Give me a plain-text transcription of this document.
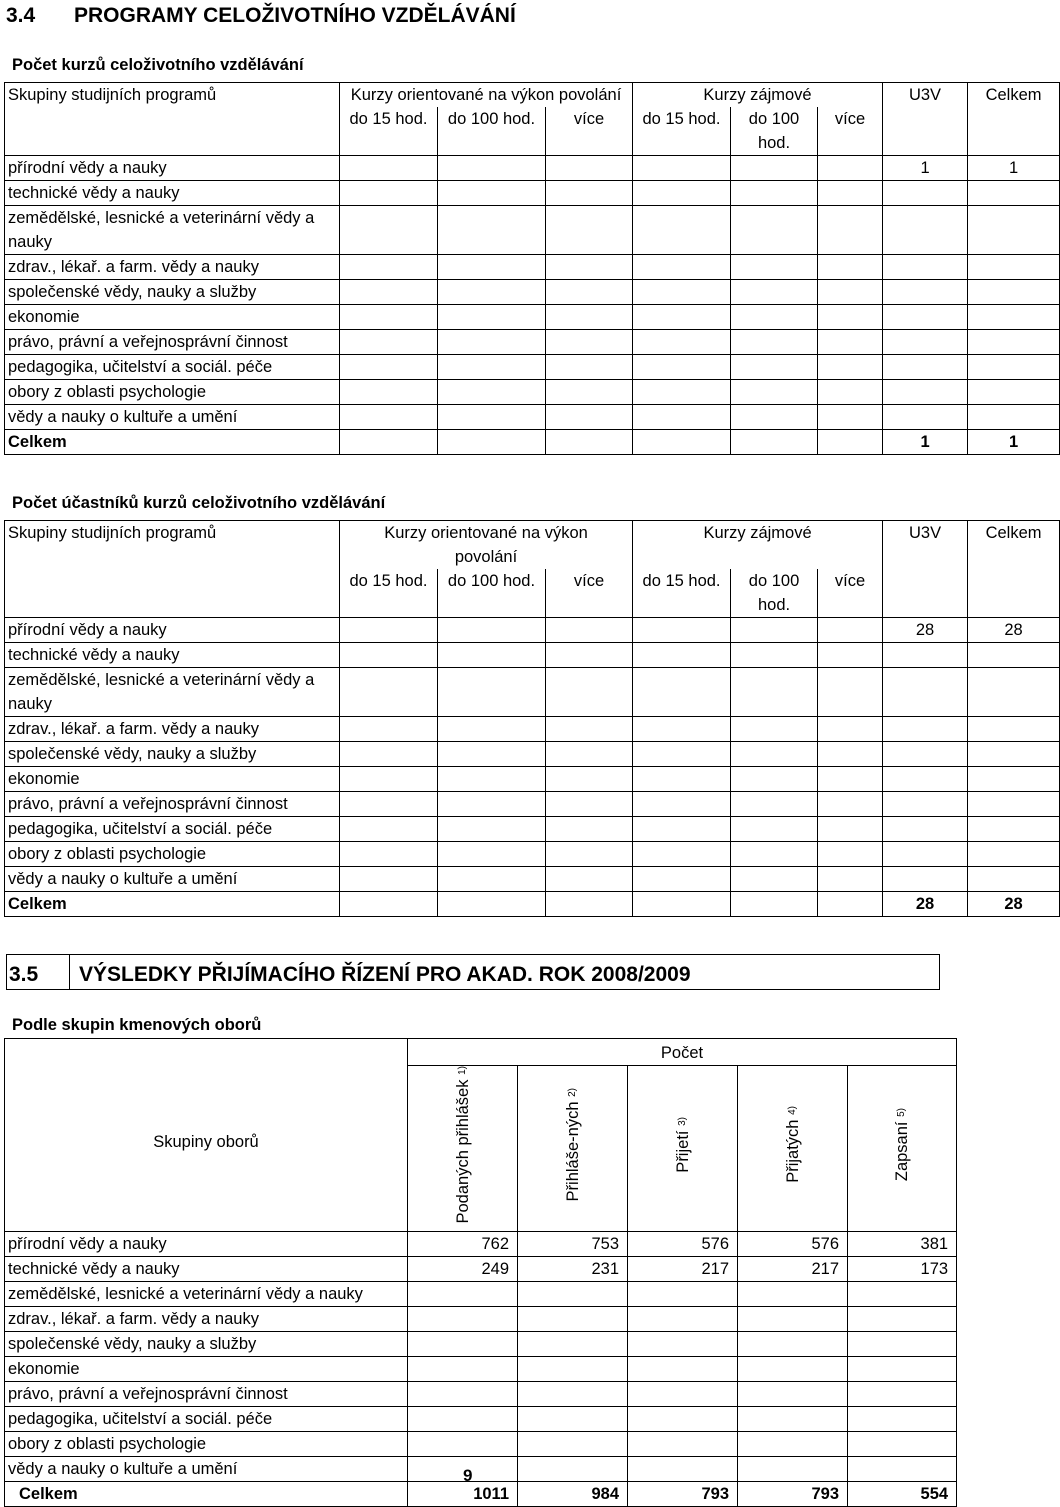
3.4 PROGRAMY CELOŽIVOTNÍHO VZDĚLÁVÁNÍ
Počet kurzů celoživotního vzdělávání
Skupiny studijních programů	Kurzy orientované na výkon povolání			Kurzy zájmové			U3V	Celkem
	do 15 hod.	do 100 hod.	více	do 15 hod.	do 100 hod.	více		
přírodní vědy a nauky							1	1
technické vědy a nauky								
zemědělské, lesnické a veterinární vědy a nauky								
zdrav., lékař. a farm. vědy a nauky								
společenské vědy, nauky a služby								
ekonomie								
právo, právní a veřejnosprávní činnost								
pedagogika, učitelství a sociál. péče								
obory z oblasti psychologie								
vědy a nauky o kultuře a umění								
Celkem							1	1
Počet účastníků kurzů celoživotního vzdělávání
Skupiny studijních programů	Kurzy orientované na výkon povolání			Kurzy zájmové			U3V	Celkem
	do 15 hod.	do 100 hod.	více	do 15 hod.	do 100 hod.	více		
přírodní vědy a nauky							28	28
technické vědy a nauky								
zemědělské, lesnické a veterinární vědy a nauky								
zdrav., lékař. a farm. vědy a nauky								
společenské vědy, nauky a služby								
ekonomie								
právo, právní a veřejnosprávní činnost								
pedagogika, učitelství a sociál. péče								
obory z oblasti psychologie								
vědy a nauky o kultuře a umění								
Celkem							28	28
3.5 VÝSLEDKY PŘIJÍMACÍHO ŘÍZENÍ PRO AKAD. ROK 2008/2009
Podle skupin kmenových oborů
Skupiny oborů	Počet				
	Podaných přihlášek 1)	Přihláše-ných 2)	Přijetí 3)	Přijatých 4)	Zapsaní 5)
přírodní vědy a nauky	762	753	576	576	381
technické vědy a nauky	249	231	217	217	173
zemědělské, lesnické a veterinární vědy a nauky					
zdrav., lékař. a farm. vědy a nauky					
společenské vědy, nauky a služby					
ekonomie					
právo, právní a veřejnosprávní činnost					
pedagogika, učitelství a sociál. péče					
obory z oblasti psychologie					
vědy a nauky o kultuře a umění					
Celkem	1011	984	793	793	554
9
